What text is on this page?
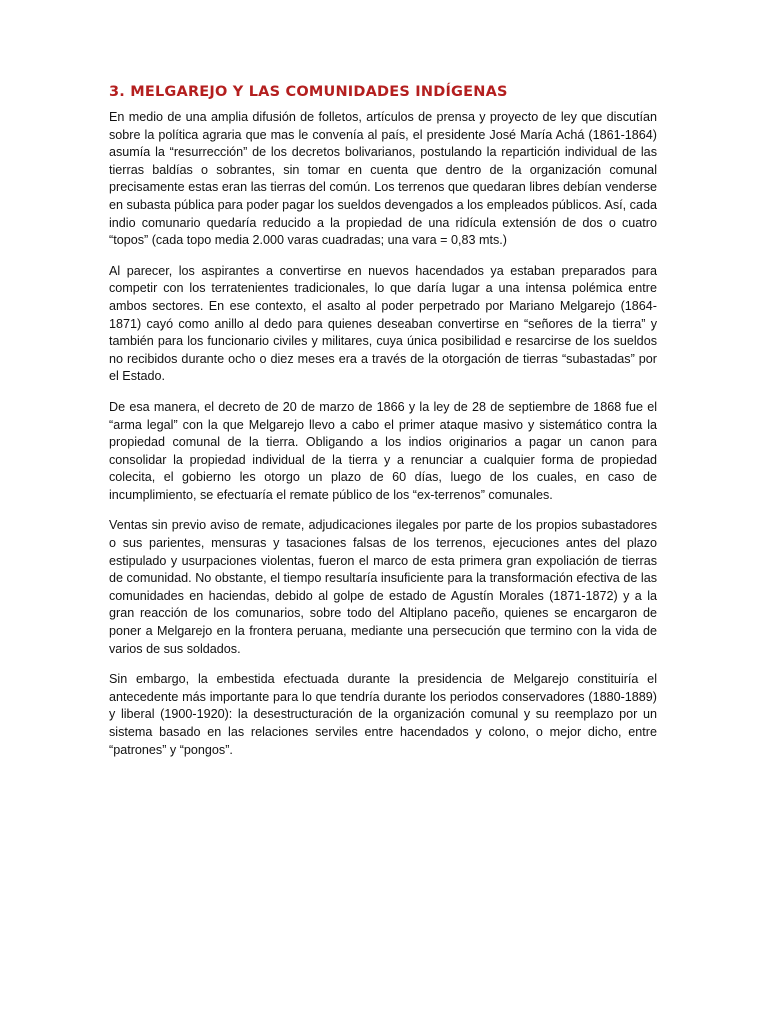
3. MELGAREJO Y LAS COMUNIDADES INDÍGENAS

En medio de una amplia difusión de folletos, artículos de prensa y proyecto de ley que discutían sobre la política agraria que mas le convenía al país, el presidente José María Achá (1861-1864) asumía la “resurrección” de los decretos bolivarianos, postulando la repartición individual de las tierras baldías o sobrantes, sin tomar en cuenta que dentro de la organización comunal precisamente estas eran las tierras del común. Los terrenos que quedaran libres debían venderse en subasta pública para poder pagar los sueldos devengados a los empleados públicos. Así, cada indio comunario quedaría reducido a la propiedad de una ridícula extensión de dos o cuatro “topos” (cada topo media 2.000 varas cuadradas; una vara = 0,83 mts.)

Al parecer, los aspirantes a convertirse en nuevos hacendados ya estaban preparados para competir con los terratenientes tradicionales, lo que daría lugar a una intensa polémica entre ambos sectores. En ese contexto, el asalto al poder perpetrado por Mariano Melgarejo (1864-1871) cayó como anillo al dedo para quienes deseaban convertirse en “señores de la tierra” y también para los funcionario civiles y militares, cuya única posibilidad e resarcirse de los sueldos no recibidos durante ocho o diez meses era a través de la otorgación de tierras “subastadas” por el Estado.

De esa manera, el decreto de 20 de marzo de 1866 y la ley de 28 de septiembre de 1868 fue el “arma legal” con la que Melgarejo llevo a cabo el primer ataque masivo y sistemático contra la propiedad comunal de la tierra. Obligando a los indios originarios a pagar un canon para consolidar la propiedad individual de la tierra y a renunciar a cualquier forma de propiedad colecita, el gobierno les otorgo un plazo de 60 días, luego de los cuales, en caso de incumplimiento, se efectuaría el remate público de los “ex-terrenos” comunales.

Ventas sin previo aviso de remate, adjudicaciones ilegales por parte de los propios subastadores o sus parientes, mensuras y tasaciones falsas de los terrenos, ejecuciones antes del plazo estipulado y usurpaciones violentas, fueron el marco de esta primera gran expoliación de tierras de comunidad. No obstante, el tiempo resultaría insuficiente para la transformación efectiva de las comunidades en haciendas, debido al golpe de estado de Agustín Morales (1871-1872) y a la gran reacción de los comunarios, sobre todo del Altiplano paceño, quienes se encargaron de poner a Melgarejo en la frontera peruana, mediante una persecución que termino con la vida de varios de sus soldados.

Sin embargo, la embestida efectuada durante la presidencia de Melgarejo constituiría el antecedente más importante para lo que tendría durante los periodos conservadores (1880-1889) y liberal (1900-1920): la desestructuración de la organización comunal y su reemplazo por un sistema basado en las relaciones serviles entre hacendados y colono, o mejor dicho, entre “patrones” y “pongos”.
